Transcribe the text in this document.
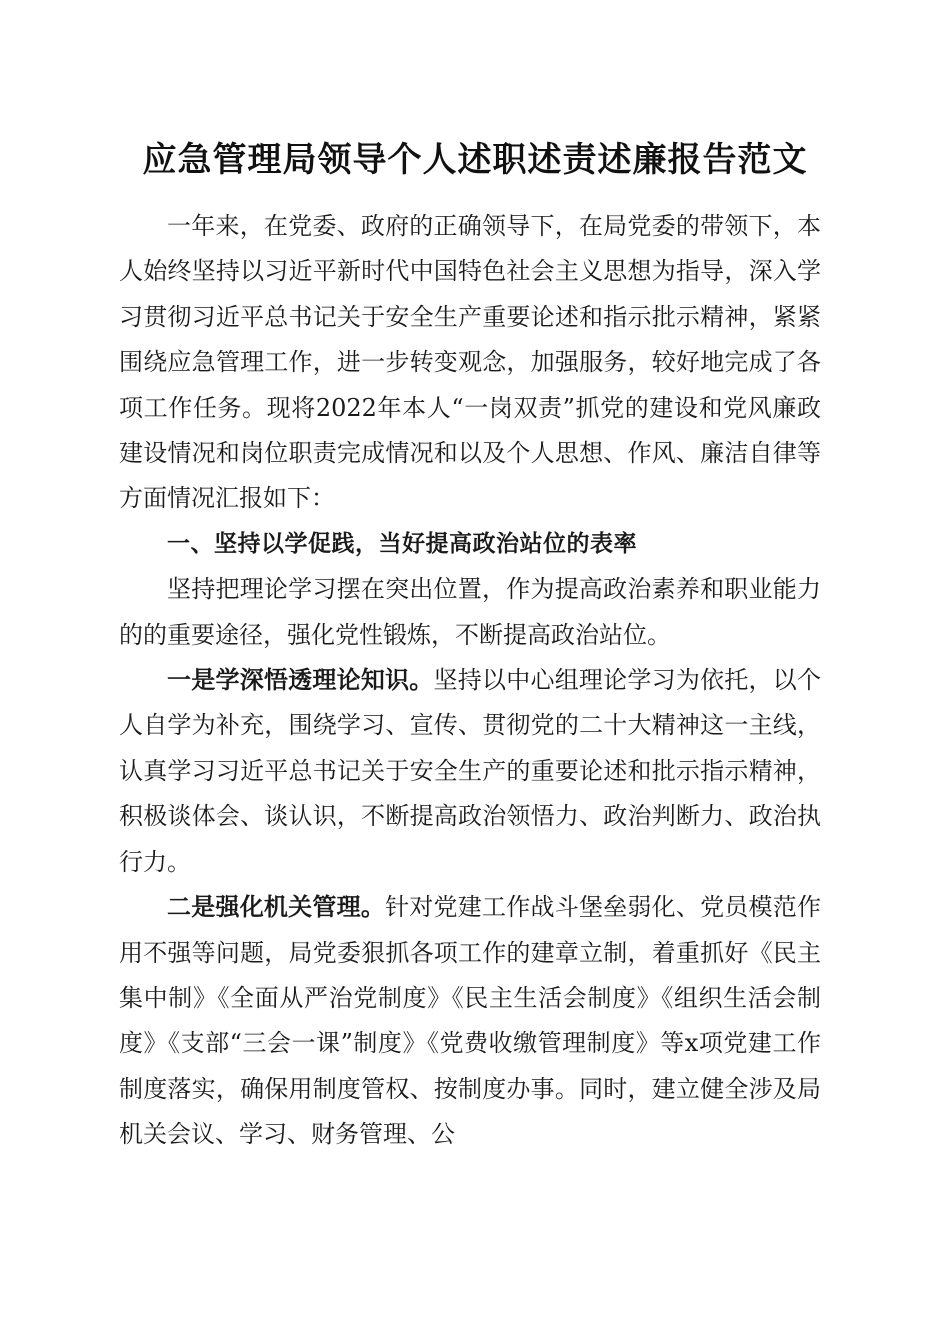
应急管理局领导个人述职述责述廉报告范文

一年来，在党委、政府的正确领导下，在局党委的带领下，本人始终坚持以习近平新时代中国特色社会主义思想为指导，深入学习贯彻习近平总书记关于安全生产重要论述和指示批示精神，紧紧围绕应急管理工作，进一步转变观念，加强服务，较好地完成了各项工作任务。现将2022年本人“一岗双责”抓党的建设和党风廉政建设情况和岗位职责完成情况和以及个人思想、作风、廉洁自律等方面情况汇报如下：

一、坚持以学促践，当好提高政治站位的表率

坚持把理论学习摆在突出位置，作为提高政治素养和职业能力的的重要途径，强化党性锻炼，不断提高政治站位。

一是学深悟透理论知识。坚持以中心组理论学习为依托，以个人自学为补充，围绕学习、宣传、贯彻党的二十大精神这一主线，认真学习习近平总书记关于安全生产的重要论述和批示指示精神，积极谈体会、谈认识，不断提高政治领悟力、政治判断力、政治执行力。

二是强化机关管理。针对党建工作战斗堡垒弱化、党员模范作用不强等问题，局党委狠抓各项工作的建章立制，着重抓好《民主集中制》《全面从严治党制度》《民主生活会制度》《组织生活会制度》《支部“三会一课”制度》《党费收缴管理制度》等x项党建工作制度落实，确保用制度管权、按制度办事。同时，建立健全涉及局机关会议、学习、财务管理、公
